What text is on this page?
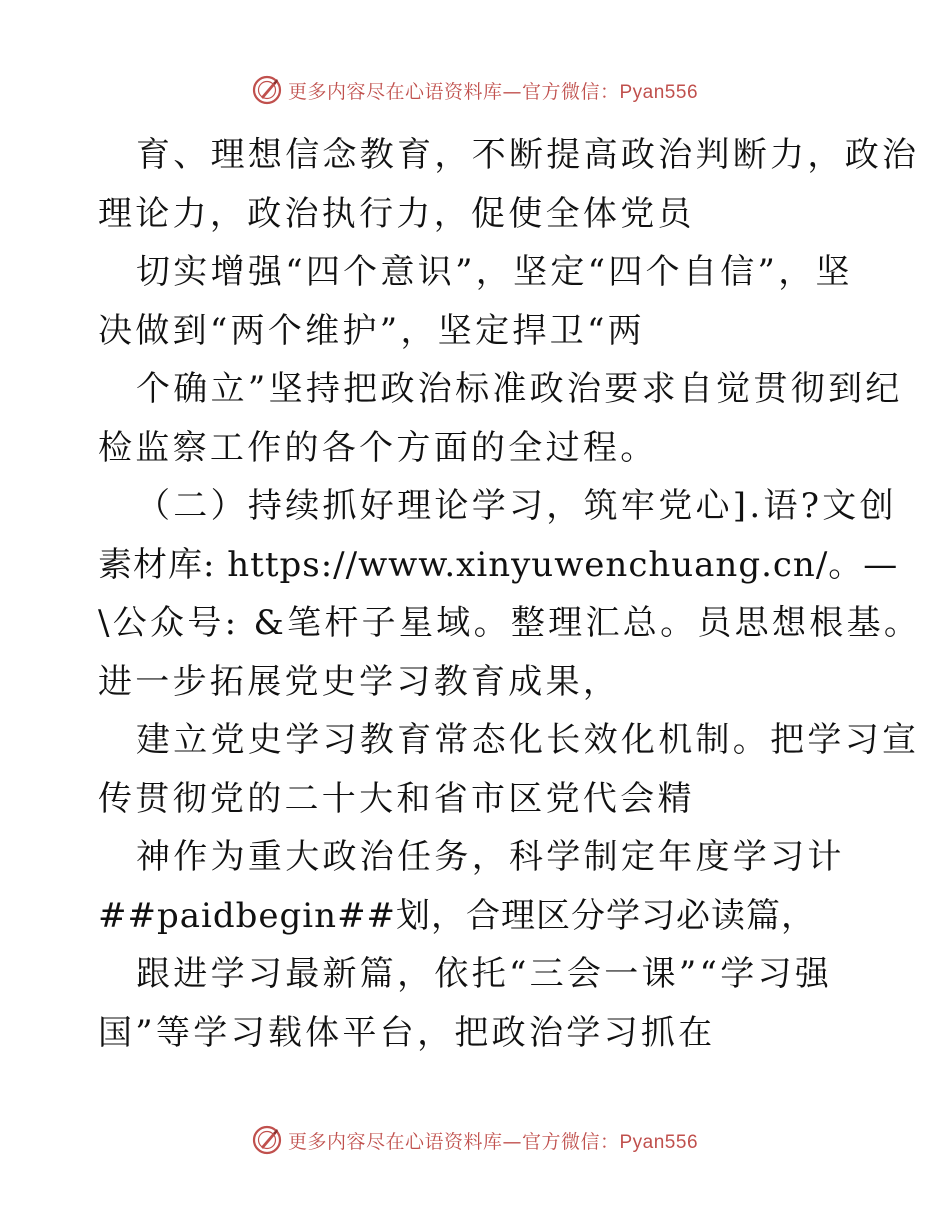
更多内容尽在心语资料库—官方微信：Pyan556
育、理想信念教育，不断提高政治判断力，政治
理论力，政治执行力，促使全体党员
切实增强“四个意识”，坚定“四个自信”，坚
决做到“两个维护”，坚定捍卫“两
个确立”坚持把政治标准政治要求自觉贯彻到纪
检监察工作的各个方面的全过程。
（二）持续抓好理论学习，筑牢党心].语?文创
素材库: https://www.xinyuwenchuang.cn/。—
\公众号: &笔杆子星域。整理汇总。员思想根基。
进一步拓展党史学习教育成果，
建立党史学习教育常态化长效化机制。把学习宣
传贯彻党的二十大和省市区党代会精
神作为重大政治任务，科学制定年度学习计
##paidbegin##划，合理区分学习必读篇，
跟进学习最新篇，依托“三会一课”“学习强
国”等学习载体平台，把政治学习抓在
更多内容尽在心语资料库—官方微信：Pyan556
